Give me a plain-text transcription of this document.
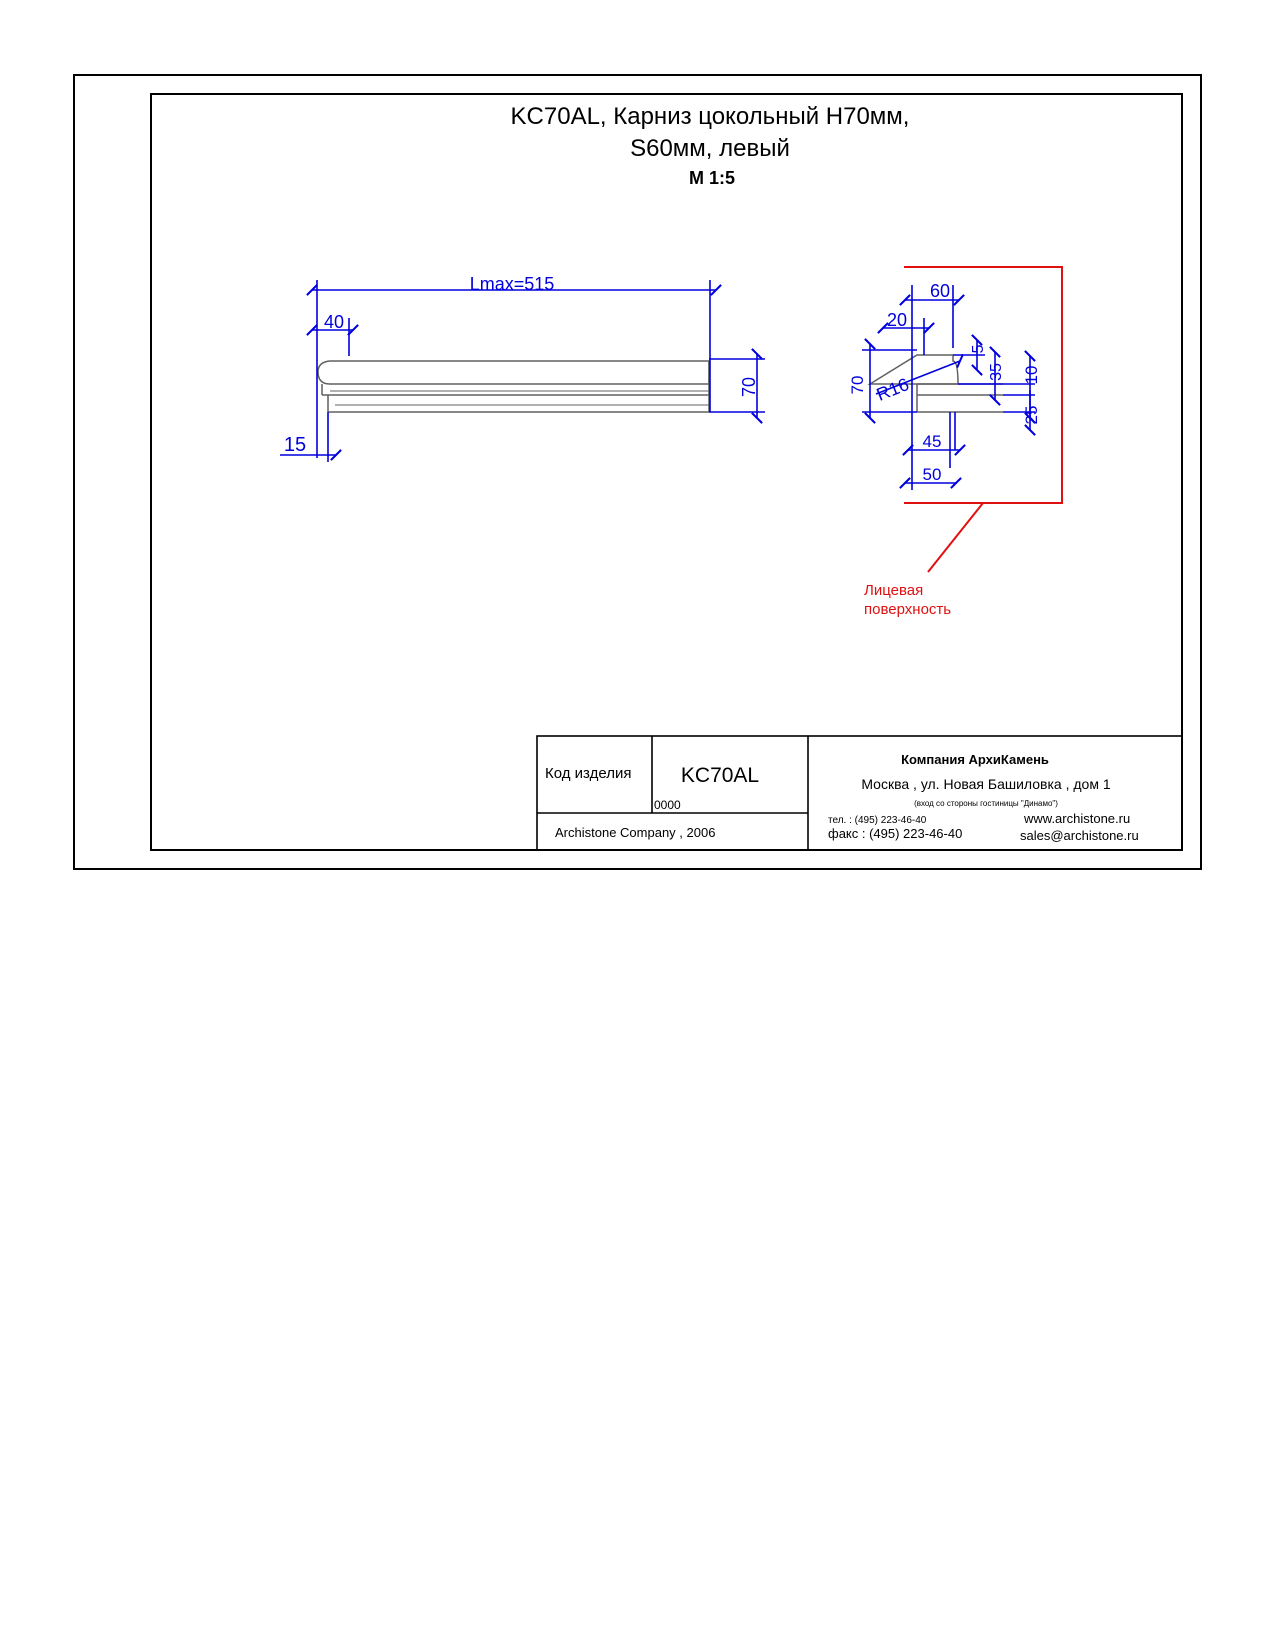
KC70AL, Карниз цокольный H70мм,
S60мм, левый
M 1:5
Lmax=515
40
70
15
60
20
5
35 10
70 R16
25
45
50
Лицевая
поверхность
Код изделия KC70AL
0000
Archistone Company , 2006
Компания АрхиКамень
Москва , ул. Новая Башиловка , дом 1
(вход со стороны гостиницы "Динамо")
тел. : (495) 223-46-40
факс : (495) 223-46-40
www.archistone.ru
sales@archistone.ru
